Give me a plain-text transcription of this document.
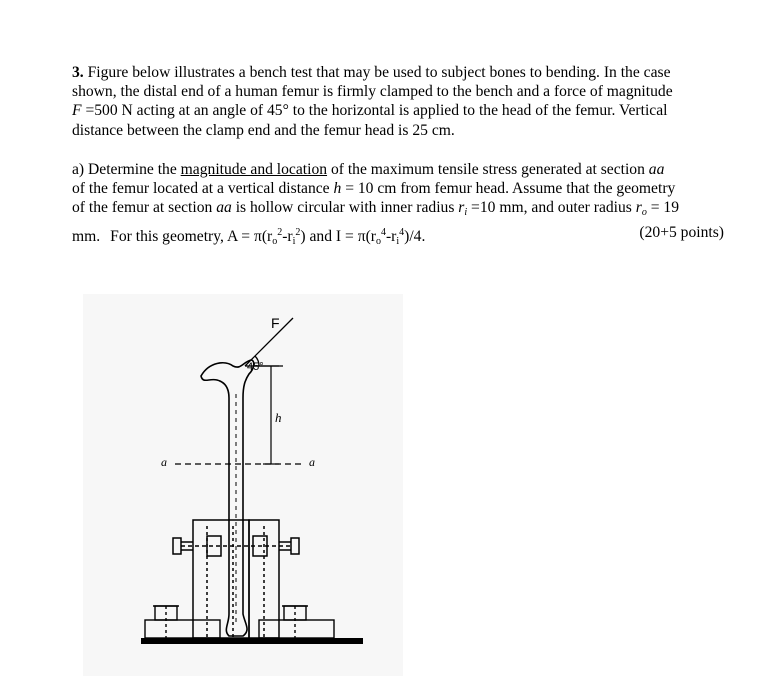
3. Figure below illustrates a bench test that may be used to subject bones to bending. In the case
shown, the distal end of a human femur is firmly clamped to the bench and a force of magnitude
F =500 N acting at an angle of 45° to the horizontal is applied to the head of the femur. Vertical
distance between the clamp end and the femur head is 25 cm.
a) Determine the magnitude and location of the maximum tensile stress generated at section aa
of the femur located at a vertical distance h = 10 cm from femur head. Assume that the geometry
of the femur at section aa is hollow circular with inner radius $r_i =10$ mm, and outer radius $r_o = 19$
mm. For this geometry, $A = \pi(r_o^2-r_i^2)$ and $I = \pi(r_o^4-r_i^4)/4$.	(20+5 points)
F
45°
h
a	a
